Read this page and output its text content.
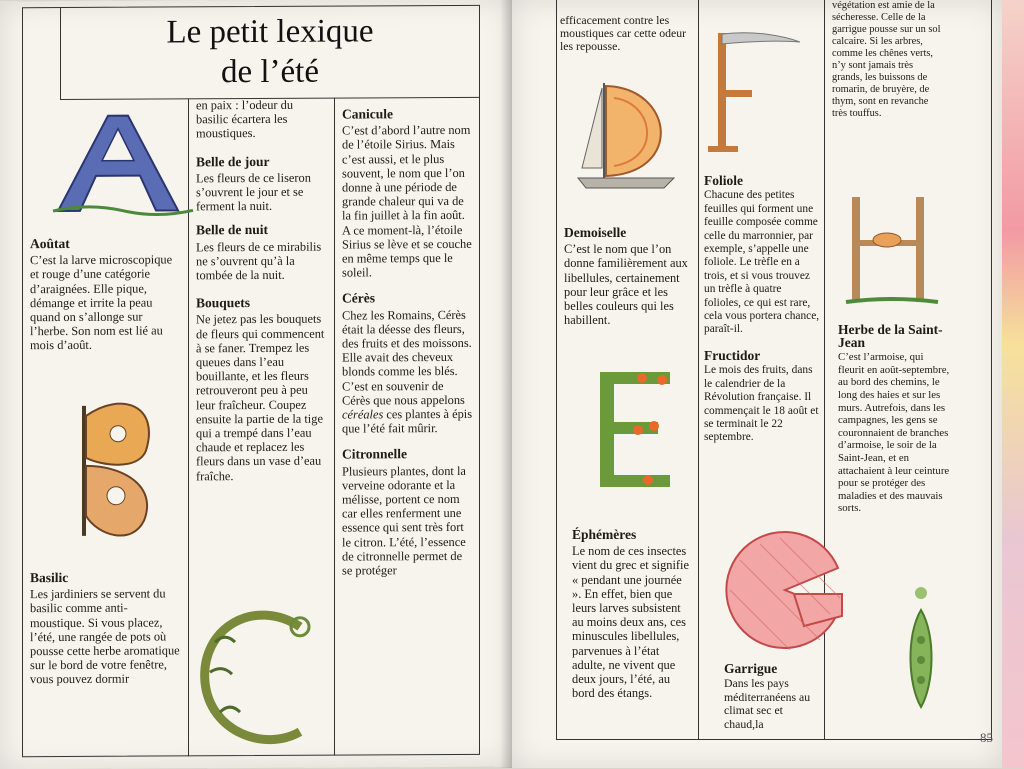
Le petit lexique
de l’été
Aoûtat

C’est la larve microscopique et rouge d’une catégorie d’araignées. Elle pique, démange et irrite la peau quand on s’allonge sur l’herbe. Son nom est lié au mois d’août.

Basilic

Les jardiniers se servent du basilic comme anti-moustique. Si vous placez, l’été, une rangée de pots où pousse cette herbe aromatique sur le bord de votre fenêtre, vous pouvez dormir

en paix : l’odeur du basilic écartera les moustiques.

Belle de jour

Les fleurs de ce liseron s’ouvrent le jour et se ferment la nuit.

Belle de nuit

Les fleurs de ce mirabilis ne s’ouvrent qu’à la tombée de la nuit.

Bouquets

Ne jetez pas les bouquets de fleurs qui commencent à se faner. Trempez les queues dans l’eau bouillante, et les fleurs retrouveront peu à peu leur fraîcheur. Coupez ensuite la partie de la tige qui a trempé dans l’eau chaude et replacez les fleurs dans un vase d’eau fraîche.

Canicule

C’est d’abord l’autre nom de l’étoile Sirius. Mais c’est aussi, et le plus souvent, le nom que l’on donne à une période de grande chaleur qui va de la fin juillet à la fin août. A ce moment-là, l’étoile Sirius se lève et se couche en même temps que le soleil.

Cérès

Chez les Romains, Cérès était la déesse des fleurs, des fruits et des moissons. Elle avait des cheveux blonds comme les blés. C’est en souvenir de Cérès que nous appelons céréales ces plantes à épis que l’été fait mûrir.

Citronnelle

Plusieurs plantes, dont la verveine odorante et la mélisse, portent ce nom car elles renferment une essence qui sent très fort le citron. L’été, l’essence de citronnelle permet de se protéger

efficacement contre les moustiques car cette odeur les repousse.

Demoiselle

C’est le nom que l’on donne familièrement aux libellules, certainement pour leur grâce et les belles couleurs qui les habillent.

Éphémères

Le nom de ces insectes vient du grec et signifie « pendant une journée ». En effet, bien que leurs larves subsistent au moins deux ans, ces minuscules libellules, parvenues à l’état adulte, ne vivent que deux jours, l’été, au bord des étangs.

Foliole

Chacune des petites feuilles qui forment une feuille composée comme celle du marronnier, par exemple, s’appelle une foliole. Le trèfle en a trois, et si vous trouvez un trèfle à quatre folioles, ce qui est rare, cela vous portera chance, paraît-il.

Fructidor

Le mois des fruits, dans le calendrier de la Révolution française. Il commençait le 18 août et se terminait le 22 septembre.

Garrigue

Dans les pays méditerranéens au climat sec et chaud,la

végétation est amie de la sécheresse. Celle de la garrigue pousse sur un sol calcaire. Si les arbres, comme les chênes verts, n’y sont jamais très grands, les buissons de romarin, de bruyère, de thym, sont en revanche très touffus.

Herbe de la Saint-Jean

C’est l’armoise, qui fleurit en août-septembre, au bord des chemins, le long des haies et sur les murs. Autrefois, dans les campagnes, les gens se couronnaient de branches d’armoise, le soir de la Saint-Jean, et en attachaient à leur ceinture pour se protéger des maladies et des mauvais sorts.

85
